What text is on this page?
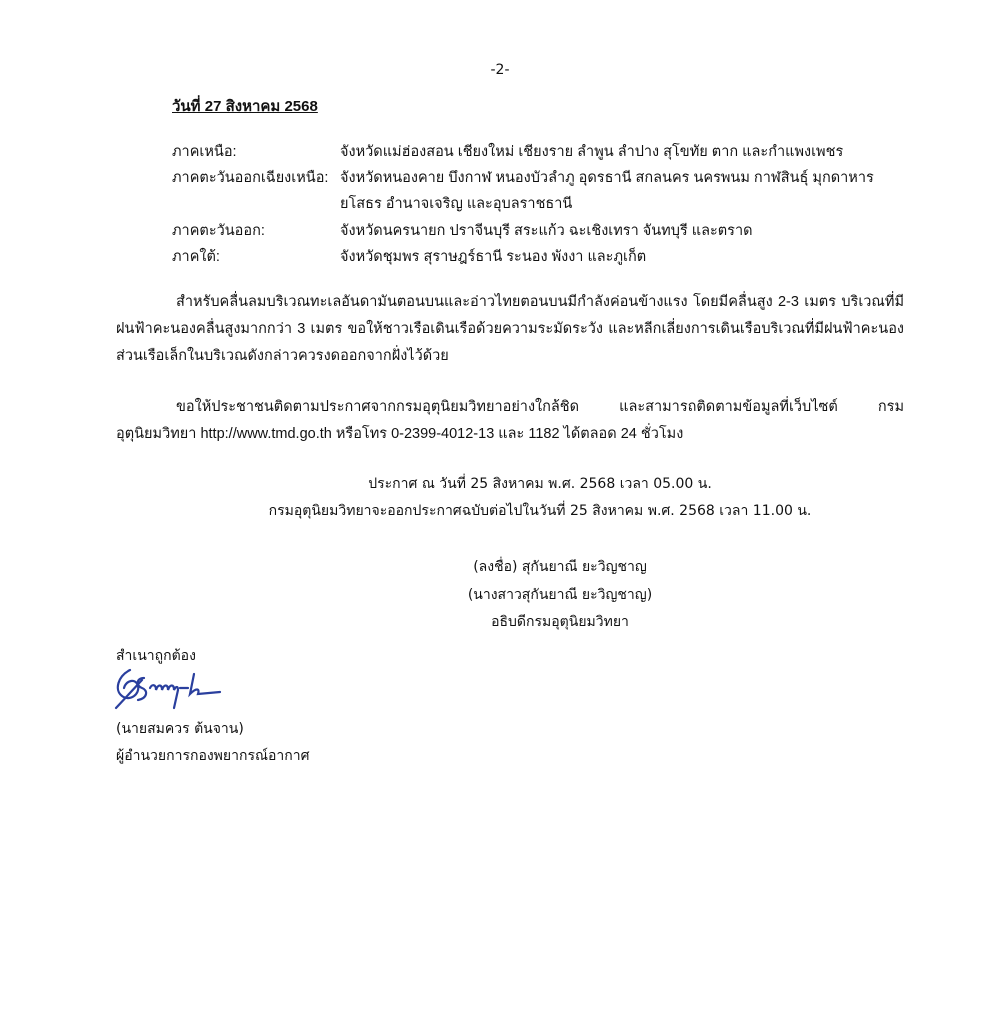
-2-
วันที่ 27 สิงหาคม 2568
ภาคเหนือ:	จังหวัดแม่ฮ่องสอน เชียงใหม่ เชียงราย ลำพูน ลำปาง สุโขทัย ตาก และกำแพงเพชร
ภาคตะวันออกเฉียงเหนือ: จังหวัดหนองคาย บึงกาฬ หนองบัวลำภู อุดรธานี สกลนคร นครพนม กาฬสินธุ์ มุกดาหาร
ยโสธร อำนาจเจริญ และอุบลราชธานี
ภาคตะวันออก:	จังหวัดนครนายก ปราจีนบุรี สระแก้ว ฉะเชิงเทรา จันทบุรี และตราด
ภาคใต้:	จังหวัดชุมพร สุราษฎร์ธานี ระนอง พังงา และภูเก็ต
สำหรับคลื่นลมบริเวณทะเลอันดามันตอนบนและอ่าวไทยตอนบนมีกำลังค่อนข้างแรง โดยมีคลื่นสูง 2-3 เมตร บริเวณที่มีฝนฟ้าคะนองคลื่นสูงมากกว่า 3 เมตร ขอให้ชาวเรือเดินเรือด้วยความระมัดระวัง และหลีกเลี่ยงการเดินเรือบริเวณที่มีฝนฟ้าคะนอง ส่วนเรือเล็กในบริเวณดังกล่าวควรงดออกจากฝั่งไว้ด้วย
ขอให้ประชาชนติดตามประกาศจากกรมอุตุนิยมวิทยาอย่างใกล้ชิด และสามารถติดตามข้อมูลที่เว็บไซต์ กรมอุตุนิยมวิทยา http://www.tmd.go.th หรือโทร 0-2399-4012-13 และ 1182 ได้ตลอด 24 ชั่วโมง
ประกาศ ณ วันที่ 25 สิงหาคม พ.ศ. 2568 เวลา 05.00 น.
กรมอุตุนิยมวิทยาจะออกประกาศฉบับต่อไปในวันที่ 25 สิงหาคม พ.ศ. 2568 เวลา 11.00 น.
(ลงชื่อ) สุกันยาณี ยะวิญชาญ
(นางสาวสุกันยาณี ยะวิญชาญ)
อธิบดีกรมอุตุนิยมวิทยา
สำเนาถูกต้อง
(นายสมควร ต้นจาน)
ผู้อำนวยการกองพยากรณ์อากาศ
